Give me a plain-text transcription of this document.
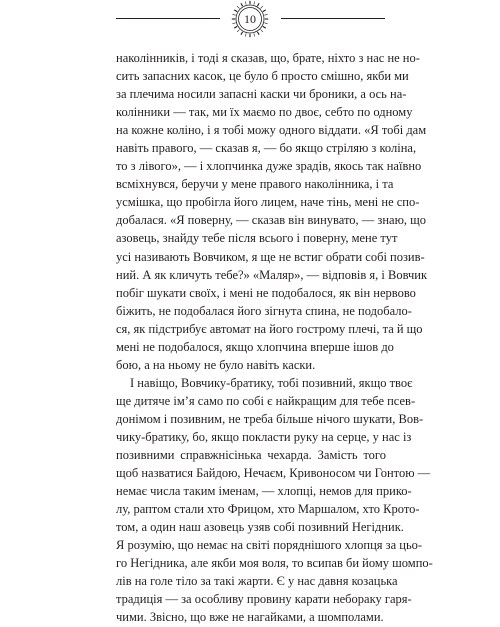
10
наколінників, і тоді я сказав, що, брате, ніхто з нас не но-
сить запасних касок, це було б просто смішно, якби ми
за плечима носили запасні каски чи броники, а ось на-
колінники — так, ми їх маємо по двоє, себто по одному
на кожне коліно, і я тобі можу одного віддати. «Я тобі дам
навіть правого, — сказав я, — бо якщо стріляю з коліна,
то з лівого», — і хлопчинка дуже зрадів, якось так наївно
всміхнувся, беручи у мене правого наколінника, і та
усмішка, що пробігла його лицем, наче тінь, мені не спо-
добалася. «Я поверну, — сказав він винувато, — знаю, що
азовець, знайду тебе після всього і поверну, мене тут
усі називають Вовчиком, я ще не встиг обрати собі позив-
ний. А як кличуть тебе?» «Маляр», — відповів я, і Вовчик
побіг шукати своїх, і мені не подобалося, як він нервово
біжить, не подобалася його зігнута спина, не подобало-
ся, як підстрибує автомат на його гострому плечі, та й що
мені не подобалося, якщо хлопчина вперше ішов до
бою, а на ньому не було навіть каски.
І навіщо, Вовчику-братику, тобі позивний, якщо твоє
ще дитяче ім’я само по собі є найкращим для тебе псев-
донімом і позивним, не треба більше нічого шукати, Вов-
чику-братику, бо, якщо покласти руку на серце, у нас із
позивними справжнісінька чехарда. Замість того
щоб назватися Байдою, Нечаєм, Кривоносом чи Гонтою —
немає числа таким іменам, — хлопці, немов для прико-
лу, раптом стали хто Фрицом, хто Маршалом, хто Крото-
том, а один наш азовець узяв собі позивний Негідник.
Я розумію, що немає на світі поряднішого хлопця за цьо-
го Негідника, але якби моя воля, то всипав би йому шомпо-
лів на голе тіло за такі жарти. Є у нас давня козацька
традиція — за особливу провину карати небораку гаря-
чими. Звісно, що вже не нагайками, а шомполами.
